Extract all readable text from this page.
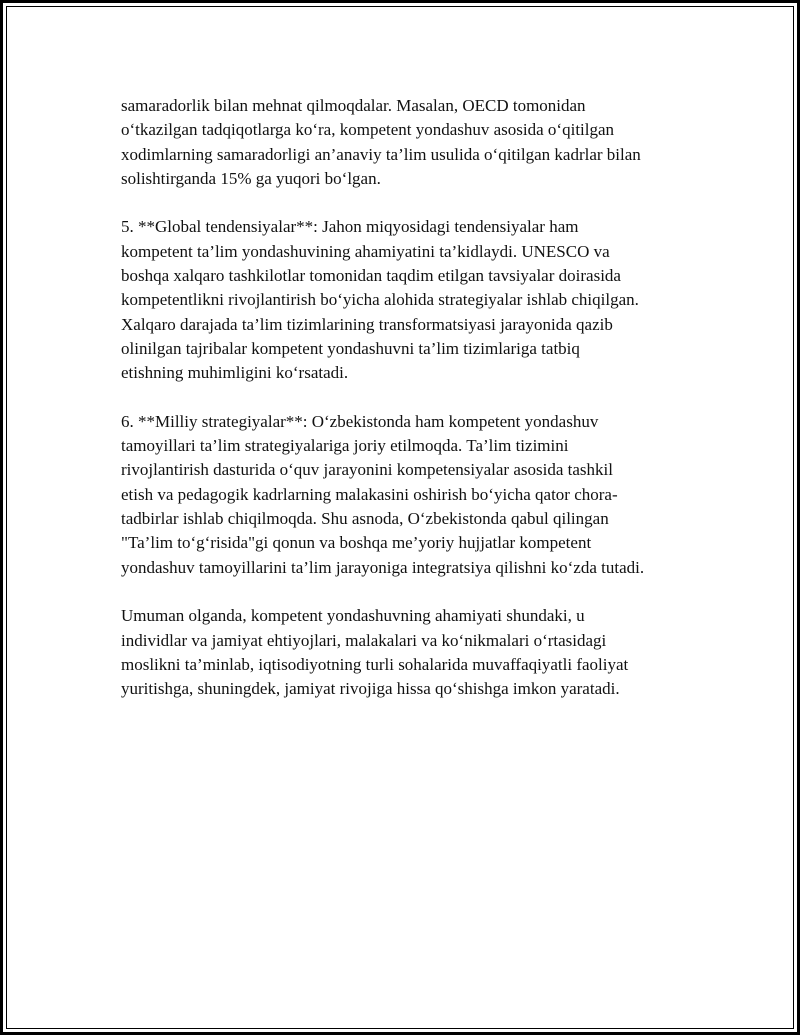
samaradorlik bilan mehnat qilmoqdalar. Masalan, OECD tomonidan
o‘tkazilgan tadqiqotlarga ko‘ra, kompetent yondashuv asosida o‘qitilgan
xodimlarning samaradorligi an’anaviy ta’lim usulida o‘qitilgan kadrlar bilan
solishtirganda 15% ga yuqori bo‘lgan.

5. **Global tendensiyalar**: Jahon miqyosidagi tendensiyalar ham
kompetent ta’lim yondashuvining ahamiyatini ta’kidlaydi. UNESCO va
boshqa xalqaro tashkilotlar tomonidan taqdim etilgan tavsiyalar doirasida
kompetentlikni rivojlantirish bo‘yicha alohida strategiyalar ishlab chiqilgan.
Xalqaro darajada ta’lim tizimlarining transformatsiyasi jarayonida qazib
olinilgan tajribalar kompetent yondashuvni ta’lim tizimlariga tatbiq
etishning muhimligini ko‘rsatadi.

6. **Milliy strategiyalar**: O‘zbekistonda ham kompetent yondashuv
tamoyillari ta’lim strategiyalariga joriy etilmoqda. Ta’lim tizimini
rivojlantirish dasturida o‘quv jarayonini kompetensiyalar asosida tashkil
etish va pedagogik kadrlarning malakasini oshirish bo‘yicha qator chora-
tadbirlar ishlab chiqilmoqda. Shu asnoda, O‘zbekistonda qabul qilingan
"Ta’lim to‘g‘risida"gi qonun va boshqa me’yoriy hujjatlar kompetent
yondashuv tamoyillarini ta’lim jarayoniga integratsiya qilishni ko‘zda tutadi.

Umuman olganda, kompetent yondashuvning ahamiyati shundaki, u
individlar va jamiyat ehtiyojlari, malakalari va ko‘nikmalari o‘rtasidagi
moslikni ta’minlab, iqtisodiyotning turli sohalarida muvaffaqiyatli faoliyat
yuritishga, shuningdek, jamiyat rivojiga hissa qo‘shishga imkon yaratadi.
